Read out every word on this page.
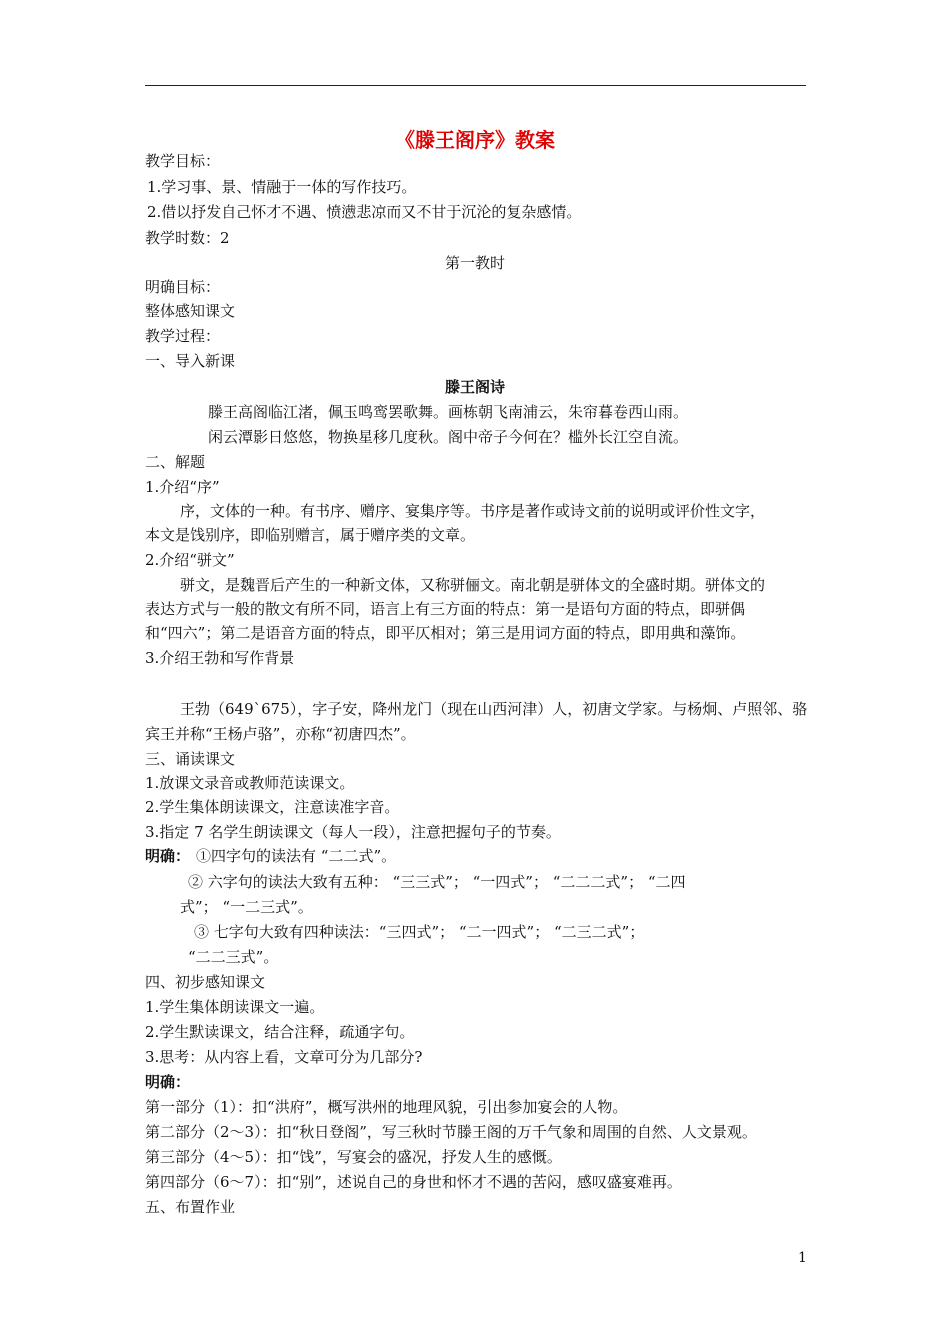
《滕王阁序》教案
教学目标：
1.学习事、景、情融于一体的写作技巧。
2.借以抒发自己怀才不遇、愤懑悲凉而又不甘于沉沦的复杂感情。
教学时数：2
第一教时
明确目标：
整体感知课文
教学过程：
一、导入新课
滕王阁诗
滕王高阁临江渚，佩玉鸣鸾罢歌舞。画栋朝飞南浦云，朱帘暮卷西山雨。
闲云潭影日悠悠，物换星移几度秋。阁中帝子今何在？槛外长江空自流。
二、解题
1.介绍“序”
序，文体的一种。有书序、赠序、宴集序等。书序是著作或诗文前的说明或评价性文字，
本文是饯别序，即临别赠言，属于赠序类的文章。
2.介绍“骈文”
骈文，是魏晋后产生的一种新文体，又称骈俪文。南北朝是骈体文的全盛时期。骈体文的
表达方式与一般的散文有所不同，语言上有三方面的特点：第一是语句方面的特点，即骈偶
和“四六”；第二是语音方面的特点，即平仄相对；第三是用词方面的特点，即用典和藻饰。
3.介绍王勃和写作背景
王勃（649`675），字子安，降州龙门（现在山西河津）人，初唐文学家。与杨炯、卢照邻、骆
宾王并称“王杨卢骆”，亦称“初唐四杰”。
三、诵读课文
1.放课文录音或教师范读课文。
2.学生集体朗读课文，注意读准字音。
3.指定 7 名学生朗读课文（每人一段），注意把握句子的节奏。
明确： ①四字句的读法有 “二二式”。
② 六字句的读法大致有五种： “三三式”； “一四式”； “二二二式”； “二四
式”； “一二三式”。
③ 七字句大致有四种读法：“三四式”； “二一四式”； “二三二式”；
“二二三式”。
四、初步感知课文
1.学生集体朗读课文一遍。
2.学生默读课文，结合注释，疏通字句。
3.思考：从内容上看，文章可分为几部分?
明确：
第一部分（1）：扣“洪府”，概写洪州的地理风貌，引出参加宴会的人物。
第二部分（2～3）：扣“秋日登阁”，写三秋时节滕王阁的万千气象和周围的自然、人文景观。
第三部分（4～5）：扣“饯”，写宴会的盛况，抒发人生的感慨。
第四部分（6～7）：扣“别”，述说自己的身世和怀才不遇的苦闷，感叹盛宴难再。
五、布置作业
1
